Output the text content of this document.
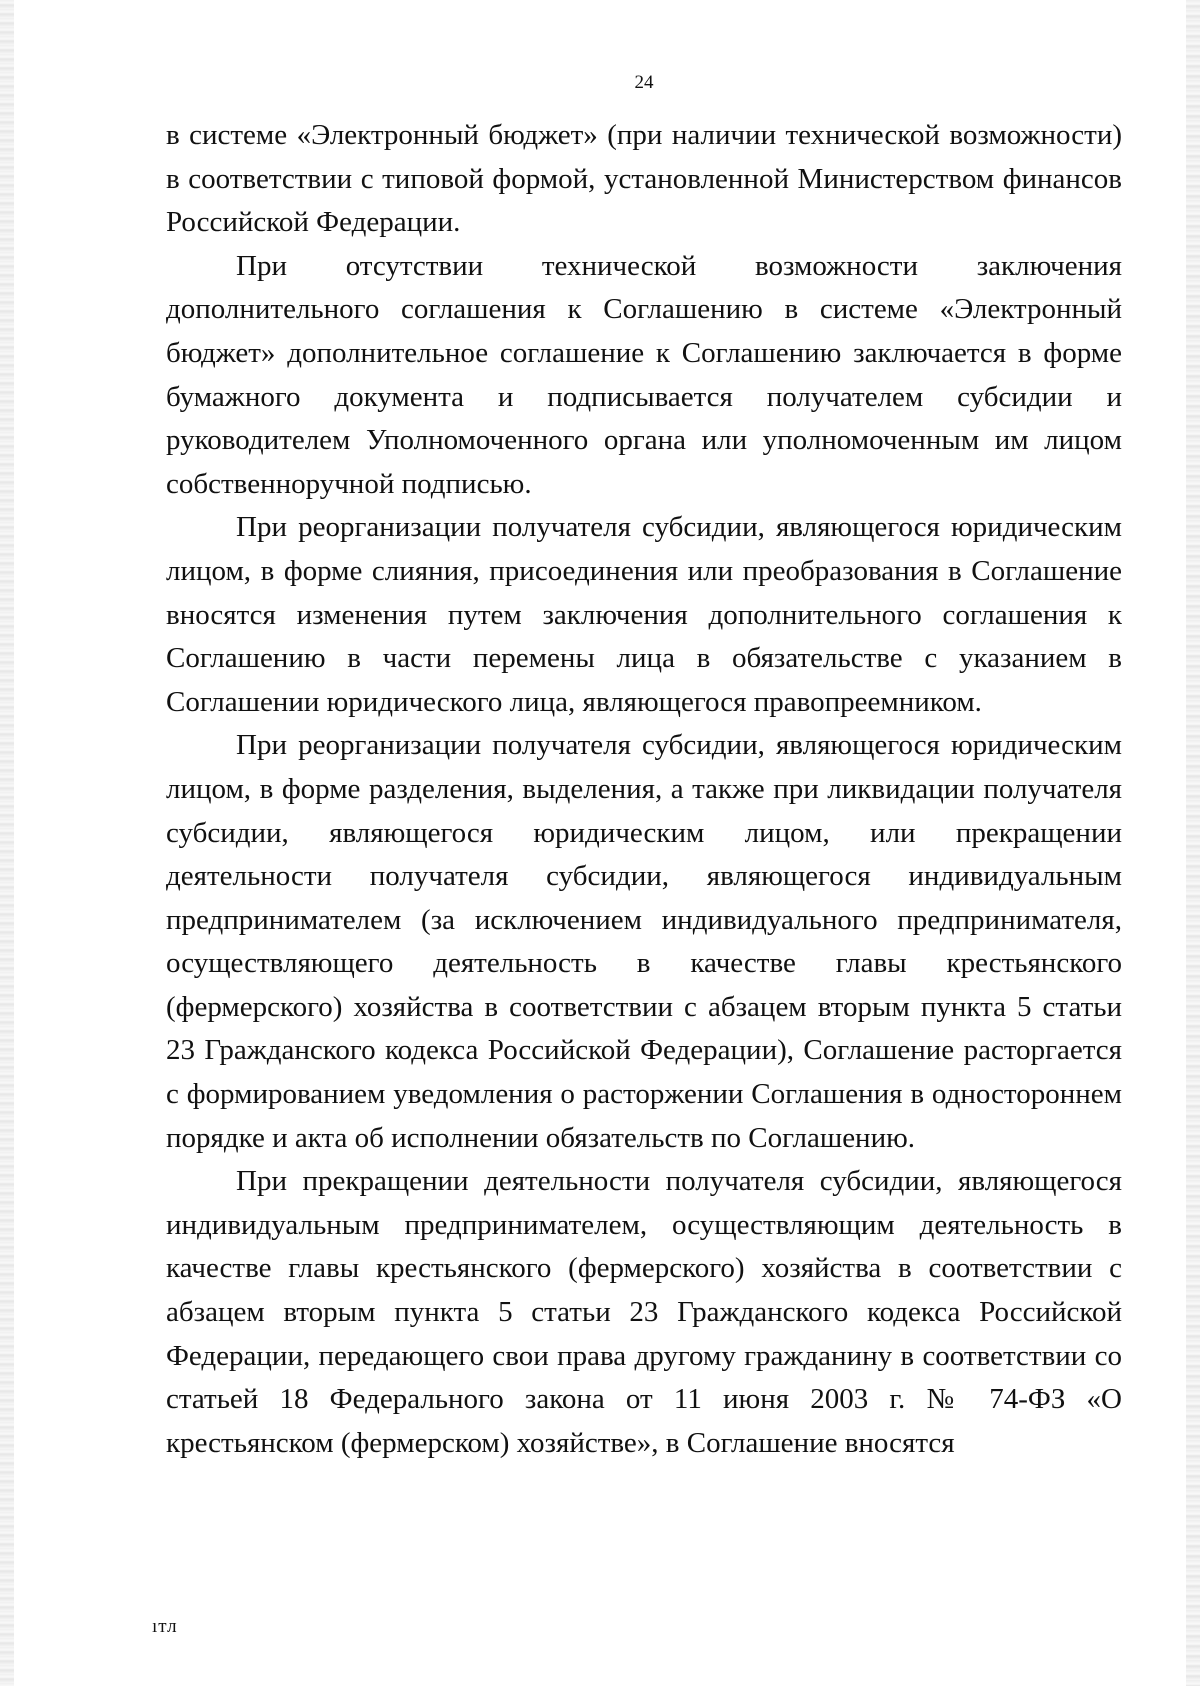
24

в системе «Электронный бюджет» (при наличии технической возможности) в соответствии с типовой формой, установленной Министерством финансов Российской Федерации.

При отсутствии технической возможности заключения дополнительного соглашения к Соглашению в системе «Электронный бюджет» дополнительное соглашение к Соглашению заключается в форме бумажного документа и подписывается получателем субсидии и руководителем Уполномоченного органа или уполномоченным им лицом собственноручной подписью.

При реорганизации получателя субсидии, являющегося юридическим лицом, в форме слияния, присоединения или преобразования в Соглашение вносятся изменения путем заключения дополнительного соглашения к Соглашению в части перемены лица в обязательстве с указанием в Соглашении юридического лица, являющегося правопреемником.

При реорганизации получателя субсидии, являющегося юридическим лицом, в форме разделения, выделения, а также при ликвидации получателя субсидии, являющегося юридическим лицом, или прекращении деятельности получателя субсидии, являющегося индивидуальным предпринимателем (за исключением индивидуального предпринимателя, осуществляющего деятельность в качестве главы крестьянского (фермерского) хозяйства в соответствии с абзацем вторым пункта 5 статьи 23 Гражданского кодекса Российской Федерации), Соглашение расторгается с формированием уведомления о расторжении Соглашения в одностороннем порядке и акта об исполнении обязательств по Соглашению.

При прекращении деятельности получателя субсидии, являющегося индивидуальным предпринимателем, осуществляющим деятельность в качестве главы крестьянского (фермерского) хозяйства в соответствии с абзацем вторым пункта 5 статьи 23 Гражданского кодекса Российской Федерации, передающего свои права другому гражданину в соответствии со статьей 18 Федерального закона от 11 июня 2003 г. № 74-ФЗ «О крестьянском (фермерском) хозяйстве», в Соглашение вносятся

ıтл
